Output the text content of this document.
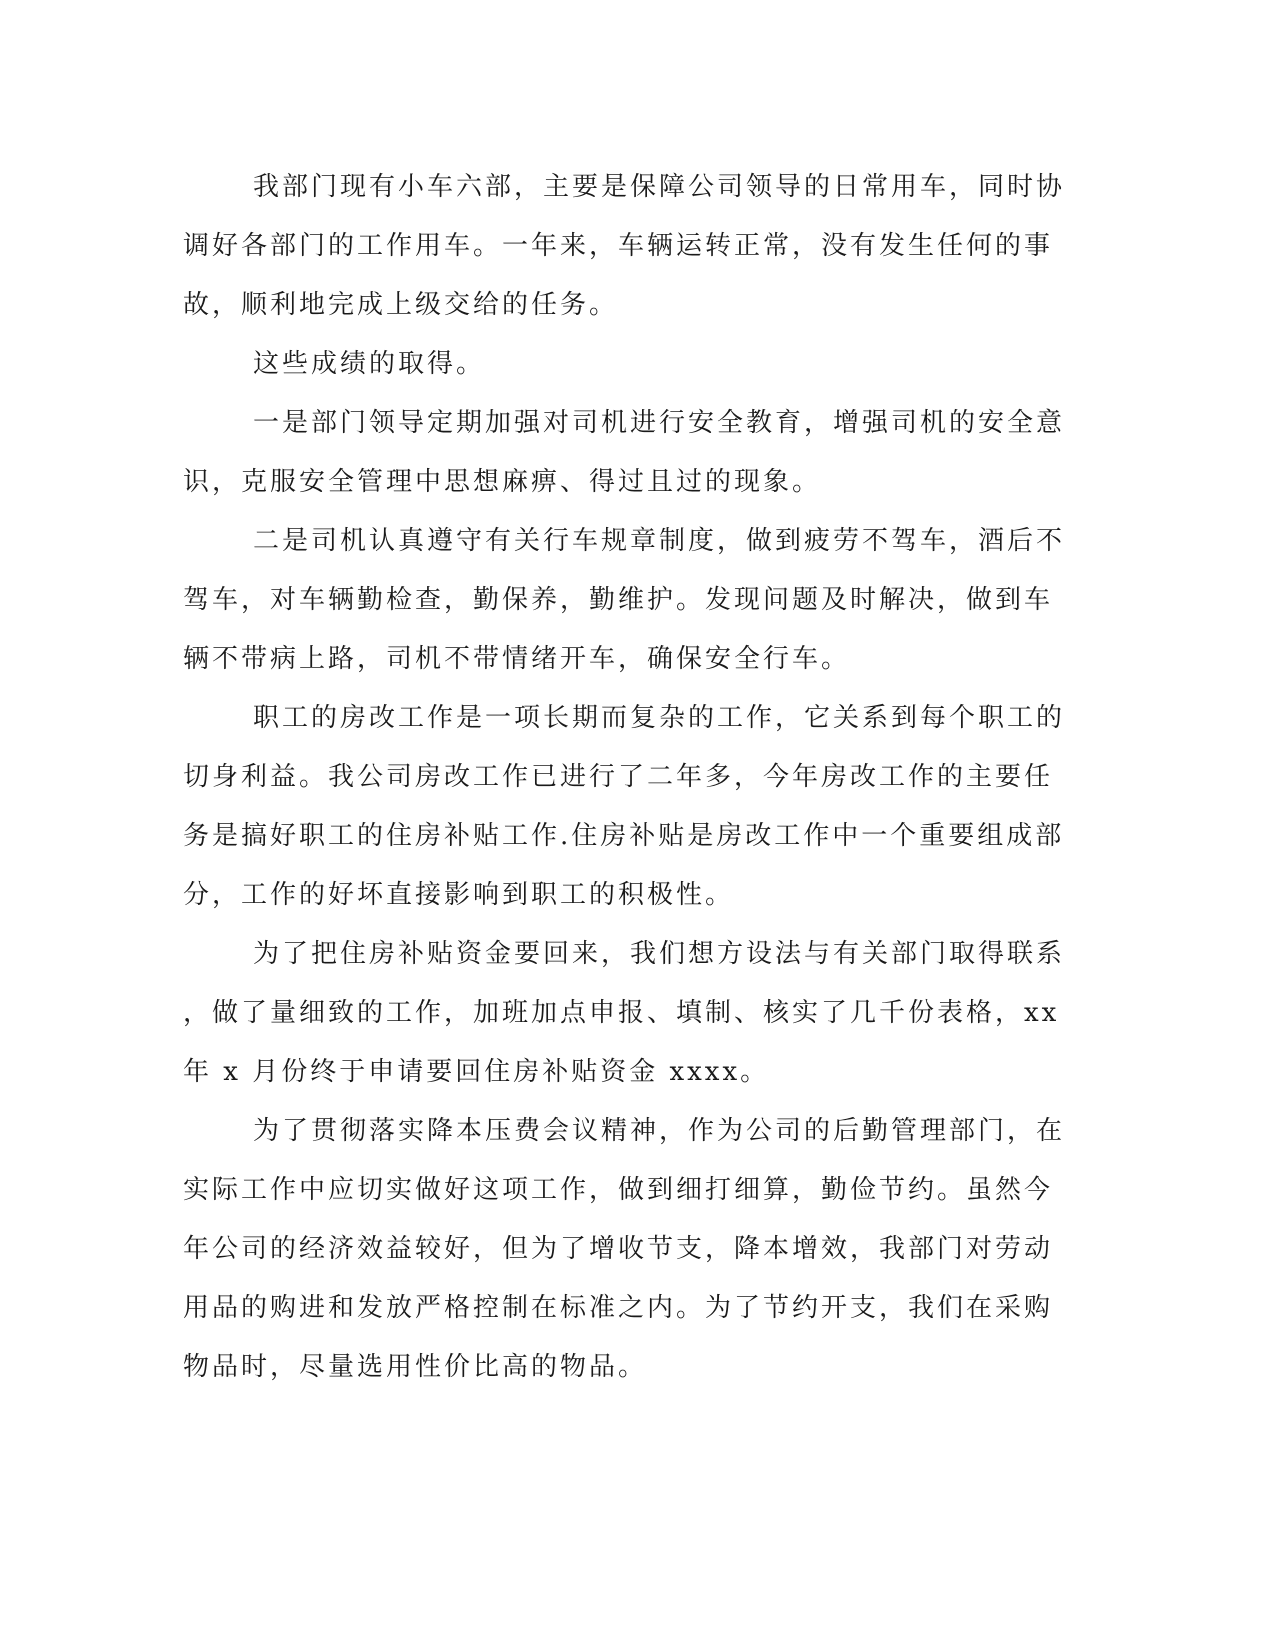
我部门现有小车六部，主要是保障公司领导的日常用车，同时协
调好各部门的工作用车。一年来，车辆运转正常，没有发生任何的事
故，顺利地完成上级交给的任务。
这些成绩的取得。
一是部门领导定期加强对司机进行安全教育，增强司机的安全意
识，克服安全管理中思想麻痹、得过且过的现象。
二是司机认真遵守有关行车规章制度，做到疲劳不驾车，酒后不
驾车，对车辆勤检查，勤保养，勤维护。发现问题及时解决，做到车
辆不带病上路，司机不带情绪开车，确保安全行车。
职工的房改工作是一项长期而复杂的工作，它关系到每个职工的
切身利益。我公司房改工作已进行了二年多，今年房改工作的主要任
务是搞好职工的住房补贴工作.住房补贴是房改工作中一个重要组成部
分，工作的好坏直接影响到职工的积极性。
为了把住房补贴资金要回来，我们想方设法与有关部门取得联系
，做了量细致的工作，加班加点申报、填制、核实了几千份表格，xx
年 x 月份终于申请要回住房补贴资金 xxxx。
为了贯彻落实降本压费会议精神，作为公司的后勤管理部门，在
实际工作中应切实做好这项工作，做到细打细算，勤俭节约。虽然今
年公司的经济效益较好，但为了增收节支，降本增效，我部门对劳动
用品的购进和发放严格控制在标准之内。为了节约开支，我们在采购
物品时，尽量选用性价比高的物品。
